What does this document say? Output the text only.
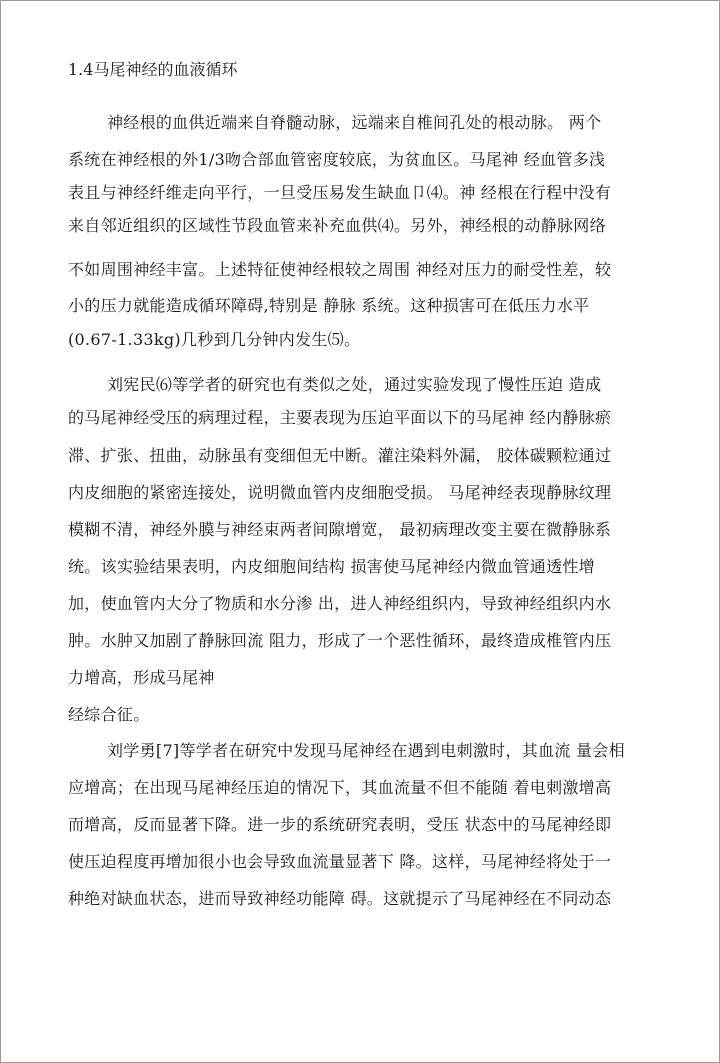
1.4马尾神经的血液循环
神经根的血供近端来自脊髓动脉，远端来自椎间孔处的根动脉。 两个
系统在神经根的外1/3吻合部血管密度较底，为贫血区。马尾神 经血管多浅
表且与神经纤维走向平行，一旦受压易发生缺血卩⑷。神 经根在行程中没有
来自邻近组织的区域性节段血管来补充血供⑷。另外，神经根的动静脉网络
不如周围神经丰富。上述特征使神经根较之周围 神经对压力的耐受性差，较
小的压力就能造成循环障碍,特别是 静脉 系统。这种损害可在低压力水平
(0.67-1.33kg)几秒到几分钟内发生⑸。
刘宪民⑹等学者的研究也有类似之处，通过实验发现了慢性压迫 造成
的马尾神经受压的病理过程，主要表现为压迫平面以下的马尾神 经内静脉瘀
滞、扩张、扭曲，动脉虽有变细但无中断。灌注染料外漏， 胶体碳颗粒通过
内皮细胞的紧密连接处，说明微血管内皮细胞受损。 马尾神经表现静脉纹理
模糊不清，神经外膜与神经束两者间隙增宽， 最初病理改变主要在微静脉系
统。该实验结果表明，内皮细胞间结构 损害使马尾神经内微血管通透性增
加，使血管内大分了物质和水分渗 出，进人神经组织内，导致神经组织内水
肿。水肿又加剧了静脉回流 阻力，形成了一个恶性循环，最终造成椎管内压
力增高，形成马尾神
经综合征。
刘学勇[7]等学者在研究中发现马尾神经在遇到电刺激时，其血流 量会相
应增高；在出现马尾神经压迫的情况下，其血流量不但不能随 着电刺激增高
而增高，反而显著下降。进一步的系统研究表明，受压 状态中的马尾神经即
使压迫程度再增加很小也会导致血流量显著下 降。这样，马尾神经将处于一
种绝对缺血状态，进而导致神经功能障 碍。这就提示了马尾神经在不同动态
